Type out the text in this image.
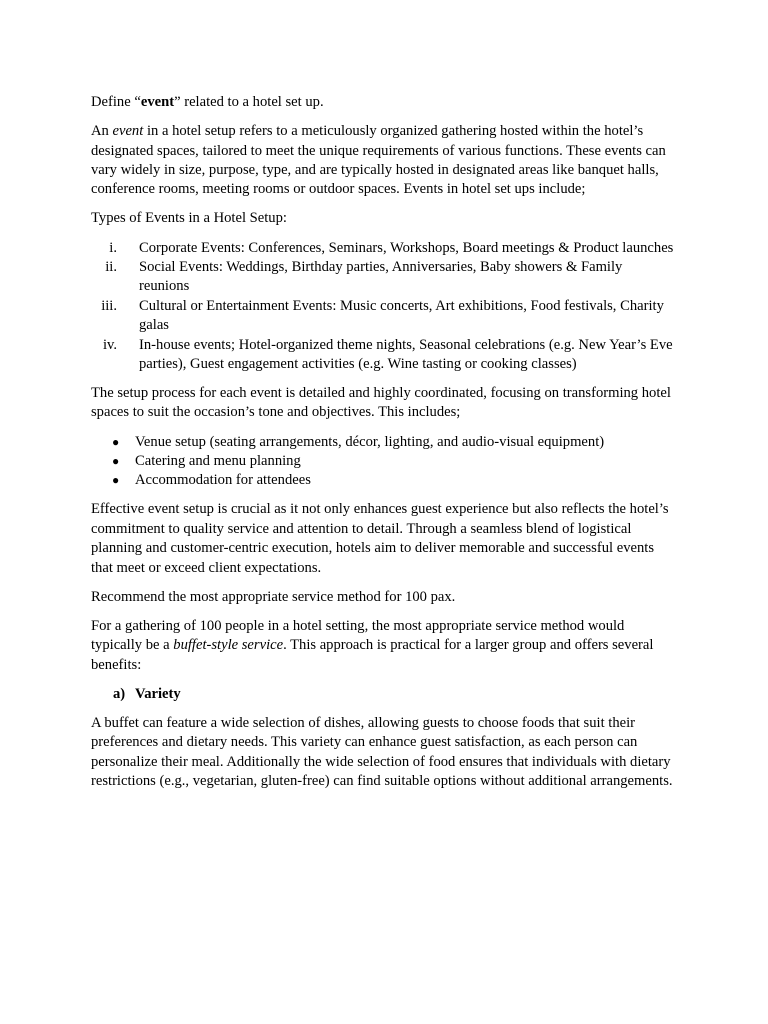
Define “event” related to a hotel set up.

An event in a hotel setup refers to a meticulously organized gathering hosted within the hotel’s designated spaces, tailored to meet the unique requirements of various functions. These events can vary widely in size, purpose, type, and are typically hosted in designated areas like banquet halls, conference rooms, meeting rooms or outdoor spaces. Events in hotel set ups include;

Types of Events in a Hotel Setup:

i.	Corporate Events: Conferences, Seminars, Workshops, Board meetings & Product launches
ii.	Social Events: Weddings, Birthday parties, Anniversaries, Baby showers & Family reunions
iii.	Cultural or Entertainment Events: Music concerts, Art exhibitions, Food festivals, Charity galas
iv.	In-house events; Hotel-organized theme nights, Seasonal celebrations (e.g. New Year’s Eve parties), Guest engagement activities (e.g. Wine tasting or cooking classes)

The setup process for each event is detailed and highly coordinated, focusing on transforming hotel spaces to suit the occasion’s tone and objectives. This includes;

●	Venue setup (seating arrangements, décor, lighting, and audio-visual equipment)
●	Catering and menu planning
●	Accommodation for attendees

Effective event setup is crucial as it not only enhances guest experience but also reflects the hotel’s commitment to quality service and attention to detail. Through a seamless blend of logistical planning and customer-centric execution, hotels aim to deliver memorable and successful events that meet or exceed client expectations.

Recommend the most appropriate service method for 100 pax.

For a gathering of 100 people in a hotel setting, the most appropriate service method would typically be a buffet-style service. This approach is practical for a larger group and offers several benefits:

a) Variety

A buffet can feature a wide selection of dishes, allowing guests to choose foods that suit their preferences and dietary needs. This variety can enhance guest satisfaction, as each person can personalize their meal. Additionally the wide selection of food ensures that individuals with dietary restrictions (e.g., vegetarian, gluten-free) can find suitable options without additional arrangements.
